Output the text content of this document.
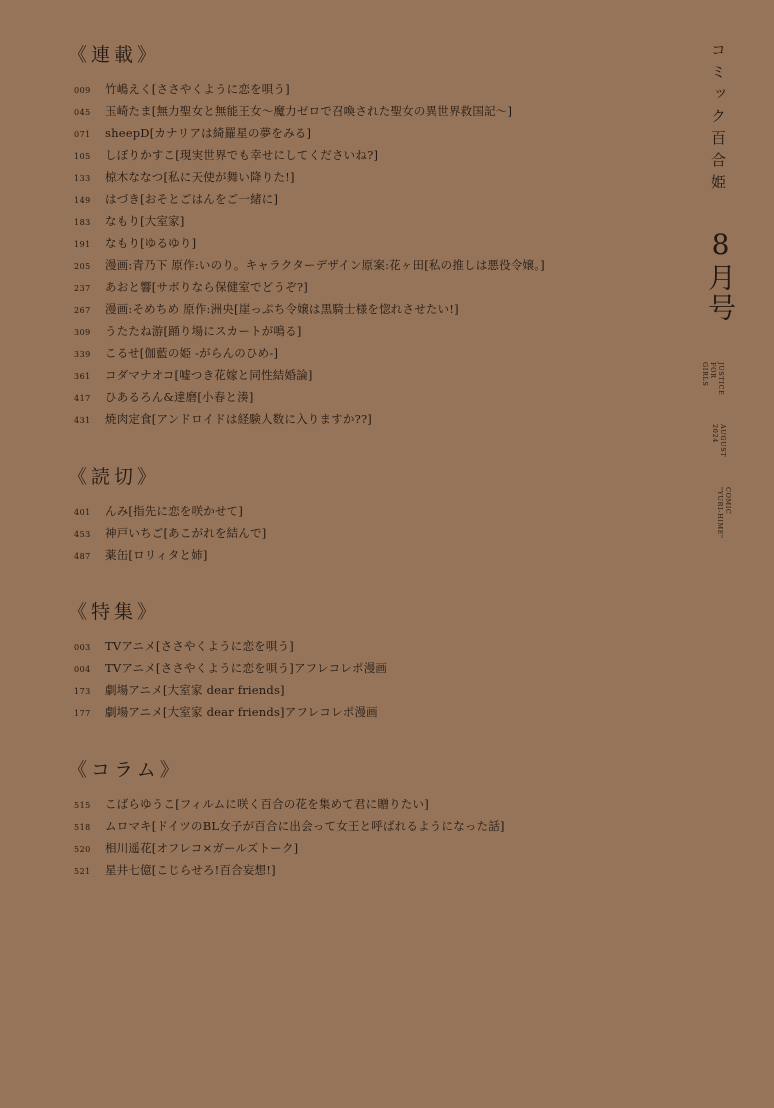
《連載》
009	竹嶋えく[ささやくように恋を唄う]
045	玉崎たま[無力聖女と無能王女〜魔力ゼロで召喚された聖女の異世界救国記〜]
071	sheepD[カナリアは綺羅星の夢をみる]
105	しぼりかすこ[現実世界でも幸せにしてくださいね?]
133	椋木ななつ[私に天使が舞い降りた!]
149	はづき[おそとごはんをご一緒に]
183	なもり[大室家]
191	なもり[ゆるゆり]
205	漫画:青乃下 原作:いのり。キャラクターデザイン原案:花ヶ田[私の推しは悪役令嬢。]
237	あおと響[サボりなら保健室でどうぞ?]
267	漫画:そめちめ 原作:洲央[崖っぷち令嬢は黒騎士様を惚れさせたい!]
309	うたたね游[踊り場にスカートが鳴る]
339	こるせ[伽藍の姫 -がらんのひめ-]
361	コダマナオコ[嘘つき花嫁と同性結婚論]
417	ひあるろん&達磨[小春と湊]
431	焼肉定食[アンドロイドは経験人数に入りますか??]
《読切》
401	んみ[指先に恋を咲かせて]
453	神戸いちご[あこがれを結んで]
487	薬缶[ロリィタと姉]
《特集》
003	TVアニメ[ささやくように恋を唄う]
004	TVアニメ[ささやくように恋を唄う]アフレコレポ漫画
173	劇場アニメ[大室家 dear friends]
177	劇場アニメ[大室家 dear friends]アフレコレポ漫画
《コラム》
515	こばらゆうこ[フィルムに咲く百合の花を集めて君に贈りたい]
518	ムロマキ[ドイツのBL女子が百合に出会って女王と呼ばれるようになった話]
520	相川遥花[オフレコ×ガールズトーク]
521	星井七億[こじらせろ!百合妄想!]
コミック百合姫
8月号
JUSTICE
FOR
GIRLS
AUGUST
2024
COMIC
"YURI-HIME"
